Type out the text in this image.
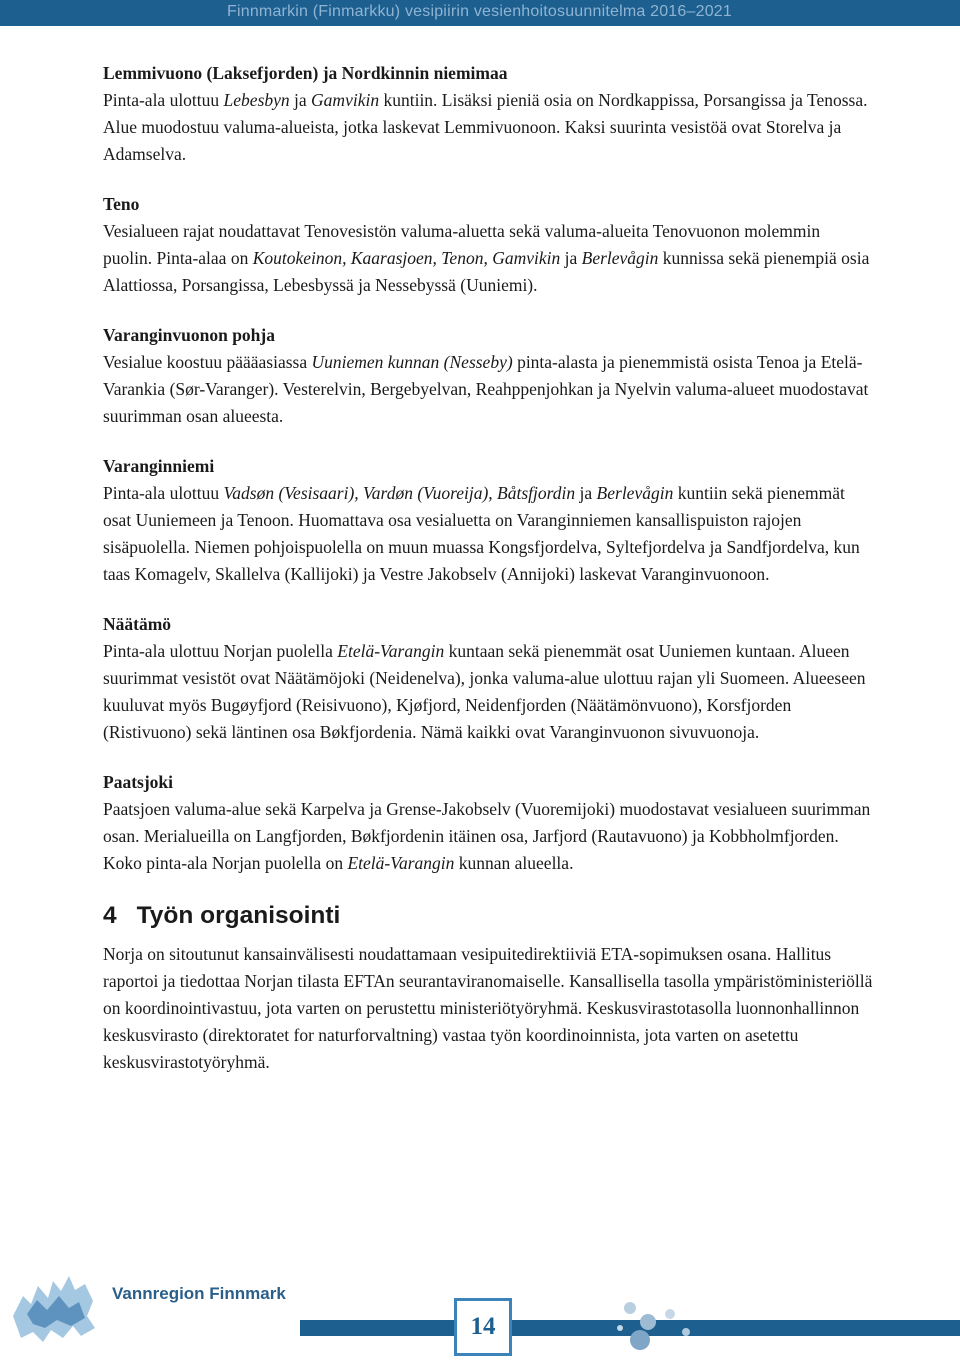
Finnmarkin (Finmarkku) vesipiirin vesienhoitosuunnitelma 2016–2021

Lemmivuono (Laksefjorden) ja Nordkinnin niemimaa

Pinta-ala ulottuu Lebesbyn ja Gamvikin kuntiin. Lisäksi pieniä osia on Nordkappissa, Porsangissa ja Tenossa. Alue muodostuu valuma-alueista, jotka laskevat Lemmivuonoon. Kaksi suurinta vesistöä ovat Storelva ja Adamselva.

Teno

Vesialueen rajat noudattavat Tenovesistön valuma-aluetta sekä valuma-alueita Tenovuonon molemmin puolin. Pinta-alaa on Koutokeinon, Kaarasjoen, Tenon, Gamvikin ja Berlevågin kunnissa sekä pienempiä osia Alattiossa, Porsangissa, Lebesbyssä ja Nessebyssä (Uuniemi).

Varanginvuonon pohja

Vesialue koostuu päääasiassa Uuniemen kunnan (Nesseby) pinta-alasta ja pienemmistä osista Tenoa ja Etelä-Varankia (Sør-Varanger). Vesterelvin, Bergebyelvan, Reahppenjohkan ja Nyelvin valuma-alueet muodostavat suurimman osan alueesta.

Varanginniemi

Pinta-ala ulottuu Vadsøn (Vesisaari), Vardøn (Vuoreija), Båtsfjordin ja Berlevågin kuntiin sekä pienemmät osat Uuniemeen ja Tenoon. Huomattava osa vesialuetta on Varanginniemen kansallispuiston rajojen sisäpuolella. Niemen pohjoispuolella on muun muassa Kongsfjordelva, Syltefjordelva ja Sandfjordelva, kun taas Komagelv, Skallelva (Kallijoki) ja Vestre Jakobselv (Annijoki) laskevat Varanginvuonoon.

Näätämö

Pinta-ala ulottuu Norjan puolella Etelä-Varangin kuntaan sekä pienemmät osat Uuniemen kuntaan. Alueen suurimmat vesistöt ovat Näätämöjoki (Neidenelva), jonka valuma-alue ulottuu rajan yli Suomeen. Alueeseen kuuluvat myös Bugøyfjord (Reisivuono), Kjøfjord, Neidenfjorden (Näätämönvuono), Korsfjorden (Ristivuono) sekä läntinen osa Bøkfjordenia. Nämä kaikki ovat Varanginvuonon sivuvuonoja.

Paatsjoki

Paatsjoen valuma-alue sekä Karpelva ja Grense-Jakobselv (Vuoremijoki) muodostavat vesialueen suurimman osan. Merialueilla on Langfjorden, Bøkfjordenin itäinen osa, Jarfjord (Rautavuono) ja Kobbholmfjorden. Koko pinta-ala Norjan puolella on Etelä-Varangin kunnan alueella.

4 Työn organisointi

Norja on sitoutunut kansainvälisesti noudattamaan vesipuitedirektiiviä ETA-sopimuksen osana. Hallitus raportoi ja tiedottaa Norjan tilasta EFTAn seurantaviranomaiselle. Kansallisella tasolla ympäristöministeriöllä on koordinointivastuu, jota varten on perustettu ministeriötyöryhmä. Keskusvirastotasolla luonnonhallinnon keskusvirasto (direktoratet for naturforvaltning) vastaa työn koordinoinnista, jota varten on asetettu keskusvirastotyöryhmä.

Vannregion Finnmark
14
